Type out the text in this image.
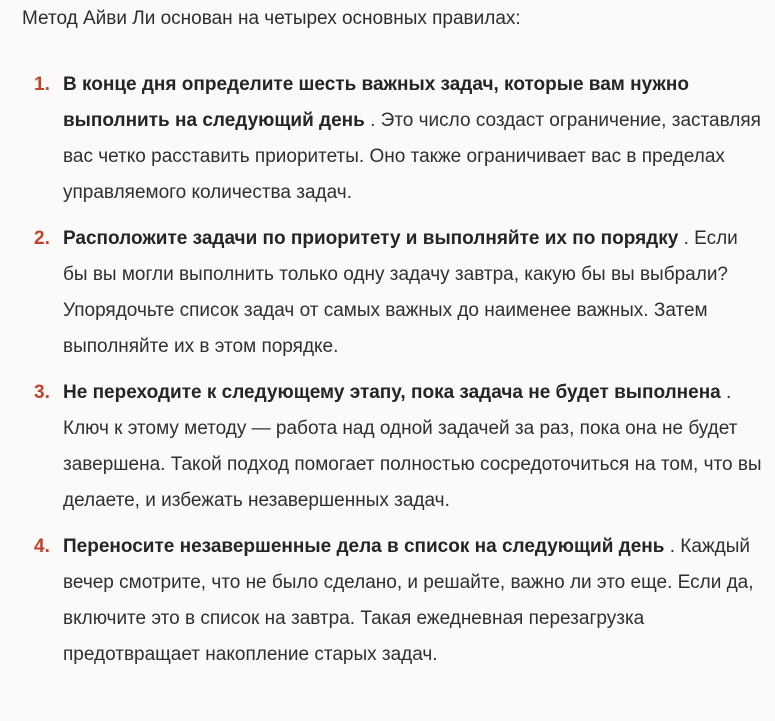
Метод Айви Ли основан на четырех основных правилах:

1. В конце дня определите шесть важных задач, которые вам нужно выполнить на следующий день . Это число создаст ограничение, заставляя вас четко расставить приоритеты. Оно также ограничивает вас в пределах управляемого количества задач.
2. Расположите задачи по приоритету и выполняйте их по порядку . Если бы вы могли выполнить только одну задачу завтра, какую бы вы выбрали? Упорядочьте список задач от самых важных до наименее важных. Затем выполняйте их в этом порядке.
3. Не переходите к следующему этапу, пока задача не будет выполнена . Ключ к этому методу — работа над одной задачей за раз, пока она не будет завершена. Такой подход помогает полностью сосредоточиться на том, что вы делаете, и избежать незавершенных задач.
4. Переносите незавершенные дела в список на следующий день . Каждый вечер смотрите, что не было сделано, и решайте, важно ли это еще. Если да, включите это в список на завтра. Такая ежедневная перезагрузка предотвращает накопление старых задач.
